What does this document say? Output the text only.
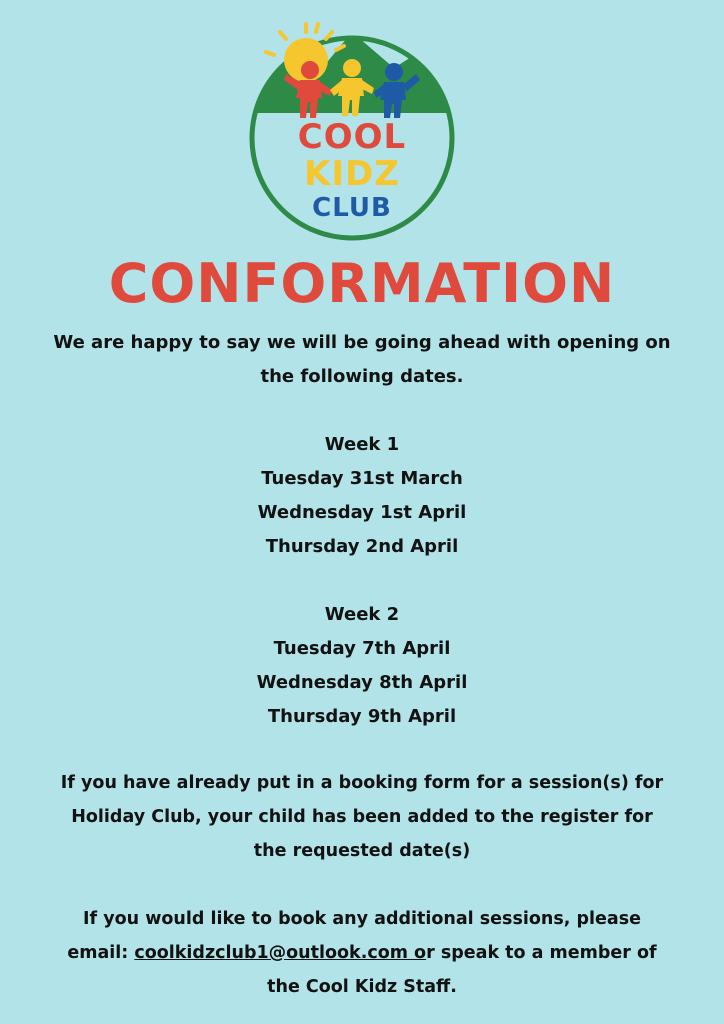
COOL
KIDZ
CLUB
CONFORMATION
We are happy to say we will be going ahead with opening on
the following dates.
Week 1
Tuesday 31st March
Wednesday 1st April
Thursday 2nd April
Week 2
Tuesday 7th April
Wednesday 8th April
Thursday 9th April
If you have already put in a booking form for a session(s) for
Holiday Club, your child has been added to the register for
the requested date(s)
If you would like to book any additional sessions, please
email: coolkidzclub1@outlook.com or speak to a member of
the Cool Kidz Staff.
